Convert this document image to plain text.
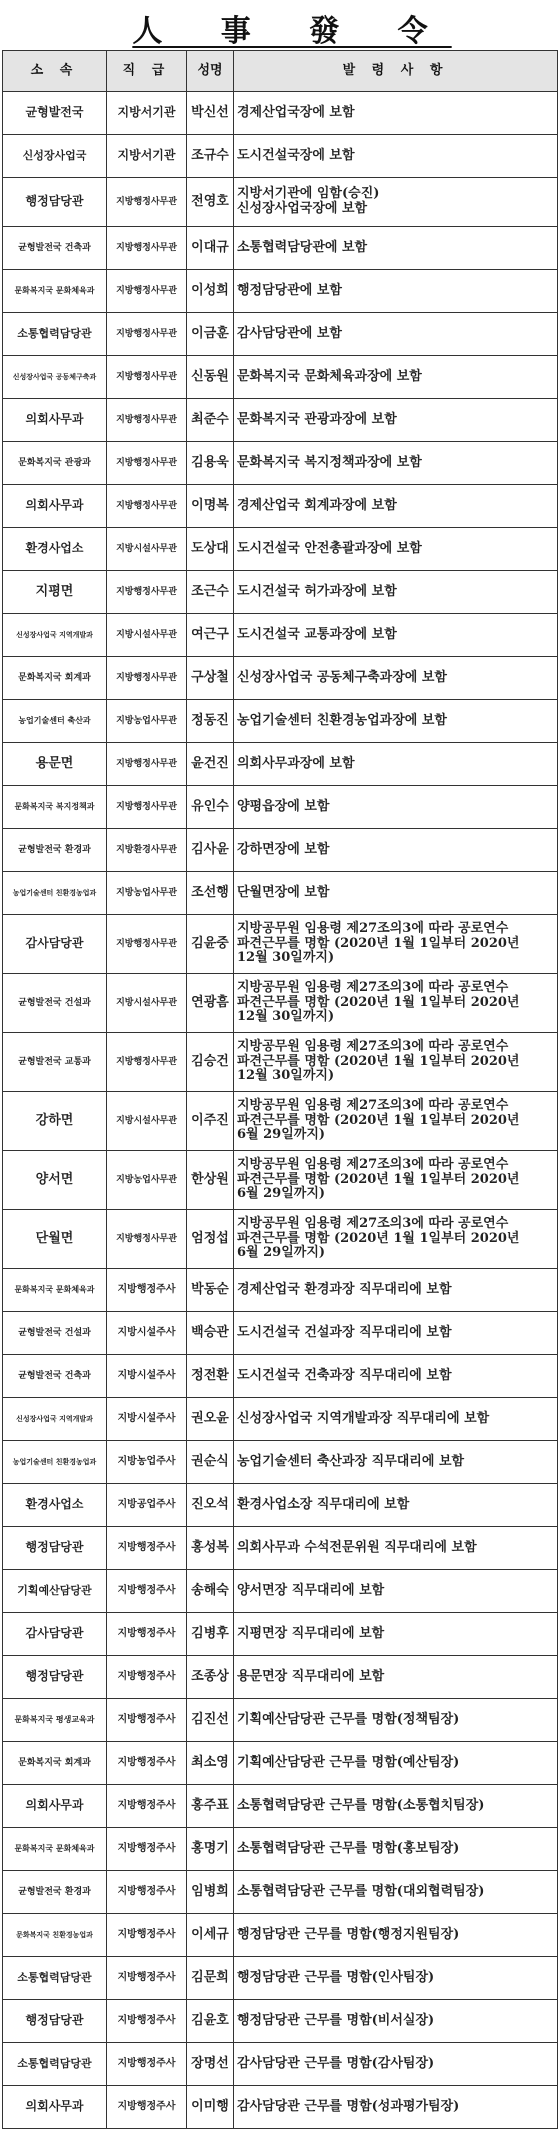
人 事 發 令
소 속	직 급	성명	발 령 사 항
균형발전국	지방서기관	박신선	경제산업국장에 보함

신성장사업국	지방서기관	조규수	도시건설국장에 보함

행정담당관	지방행정사무관	전영호	지방서기관에 임함(승진)
신성장사업국장에 보함

균형발전국 건축과	지방행정사무관	이대규	소통협력담당관에 보함

문화복지국 문화체육과	지방행정사무관	이성희	행정담당관에 보함

소통협력담당관	지방행정사무관	이금훈	감사담당관에 보함

신성장사업국 공동체구축과	지방행정사무관	신동원	문화복지국 문화체육과장에 보함

의회사무과	지방행정사무관	최준수	문화복지국 관광과장에 보함

문화복지국 관광과	지방행정사무관	김용욱	문화복지국 복지정책과장에 보함

의회사무과	지방행정사무관	이명복	경제산업국 회계과장에 보함

환경사업소	지방시설사무관	도상대	도시건설국 안전총괄과장에 보함

지평면	지방행정사무관	조근수	도시건설국 허가과장에 보함

신성장사업국 지역개발과	지방시설사무관	여근구	도시건설국 교통과장에 보함

문화복지국 회계과	지방행정사무관	구상철	신성장사업국 공동체구축과장에 보함

농업기술센터 축산과	지방농업사무관	정동진	농업기술센터 친환경농업과장에 보함

용문면	지방행정사무관	윤건진	의회사무과장에 보함

문화복지국 복지정책과	지방행정사무관	유인수	양평읍장에 보함

균형발전국 환경과	지방환경사무관	김사윤	강하면장에 보함

농업기술센터 친환경농업과	지방농업사무관	조선행	단월면장에 보함

감사담당관	지방행정사무관	김윤중	지방공무원 임용령 제27조의3에 따라 공로연수
파견근무를 명함 (2020년 1월 1일부터 2020년
12월 30일까지)

균형발전국 건설과	지방시설사무관	연광흠	지방공무원 임용령 제27조의3에 따라 공로연수
파견근무를 명함 (2020년 1월 1일부터 2020년
12월 30일까지)

균형발전국 교통과	지방행정사무관	김승건	지방공무원 임용령 제27조의3에 따라 공로연수
파견근무를 명함 (2020년 1월 1일부터 2020년
12월 30일까지)

강하면	지방시설사무관	이주진	지방공무원 임용령 제27조의3에 따라 공로연수
파견근무를 명함 (2020년 1월 1일부터 2020년
6월 29일까지)

양서면	지방농업사무관	한상원	지방공무원 임용령 제27조의3에 따라 공로연수
파견근무를 명함 (2020년 1월 1일부터 2020년
6월 29일까지)

단월면	지방행정사무관	엄정섭	지방공무원 임용령 제27조의3에 따라 공로연수
파견근무를 명함 (2020년 1월 1일부터 2020년
6월 29일까지)

문화복지국 문화체육과	지방행정주사	박동순	경제산업국 환경과장 직무대리에 보함

균형발전국 건설과	지방시설주사	백승관	도시건설국 건설과장 직무대리에 보함

균형발전국 건축과	지방시설주사	정전환	도시건설국 건축과장 직무대리에 보함

신성장사업국 지역개발과	지방시설주사	권오윤	신성장사업국 지역개발과장 직무대리에 보함

농업기술센터 친환경농업과	지방농업주사	권순식	농업기술센터 축산과장 직무대리에 보함

환경사업소	지방공업주사	진오석	환경사업소장 직무대리에 보함

행정담당관	지방행정주사	홍성복	의회사무과 수석전문위원 직무대리에 보함

기획예산담당관	지방행정주사	송해숙	양서면장 직무대리에 보함

감사담당관	지방행정주사	김병후	지평면장 직무대리에 보함

행정담당관	지방행정주사	조종상	용문면장 직무대리에 보함

문화복지국 평생교육과	지방행정주사	김진선	기획예산담당관 근무를 명함(정책팀장)

문화복지국 회계과	지방행정주사	최소영	기획예산담당관 근무를 명함(예산팀장)

의회사무과	지방행정주사	홍주표	소통협력담당관 근무를 명함(소통협치팀장)

문화복지국 문화체육과	지방행정주사	홍명기	소통협력담당관 근무를 명함(홍보팀장)

균형발전국 환경과	지방행정주사	임병희	소통협력담당관 근무를 명함(대외협력팀장)

문화복지국 친환경농업과	지방행정주사	이세규	행정담당관 근무를 명함(행정지원팀장)

소통협력담당관	지방행정주사	김문희	행정담당관 근무를 명함(인사팀장)

행정담당관	지방행정주사	김윤호	행정담당관 근무를 명함(비서실장)

소통협력담당관	지방행정주사	장명선	감사담당관 근무를 명함(감사팀장)

의회사무과	지방행정주사	이미행	감사담당관 근무를 명함(성과평가팀장)
